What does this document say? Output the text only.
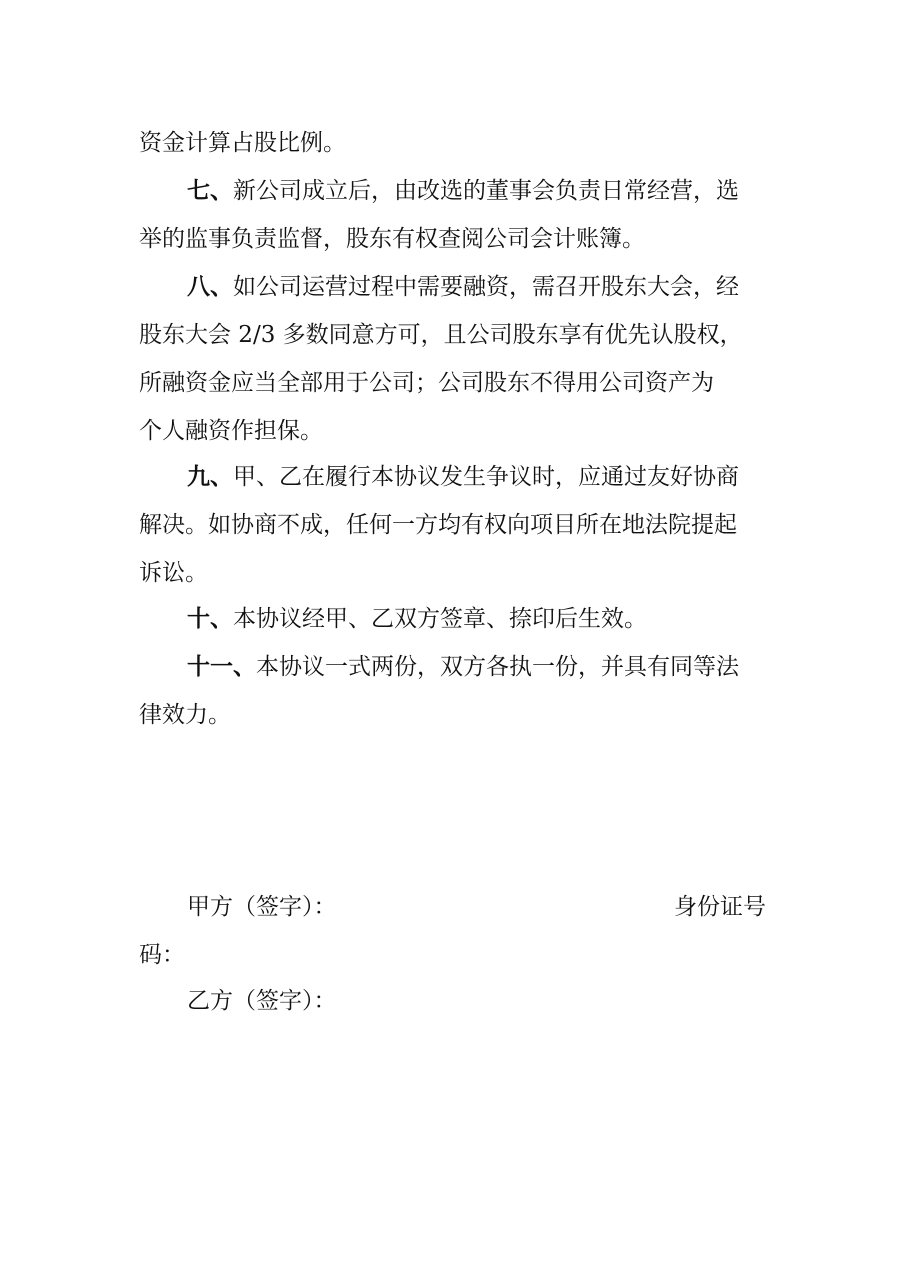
资金计算占股比例。
七、新公司成立后，由改选的董事会负责日常经营，选
举的监事负责监督，股东有权查阅公司会计账簿。
八、如公司运营过程中需要融资，需召开股东大会，经
股东大会 2/3 多数同意方可，且公司股东享有优先认股权，
所融资金应当全部用于公司；公司股东不得用公司资产为
个人融资作担保。
九、甲、乙在履行本协议发生争议时，应通过友好协商
解决。如协商不成，任何一方均有权向项目所在地法院提起
诉讼。
十、本协议经甲、乙双方签章、捺印后生效。
十一、本协议一式两份，双方各执一份，并具有同等法
律效力。
甲方（签字）：	身份证号
码：
乙方（签字）：
